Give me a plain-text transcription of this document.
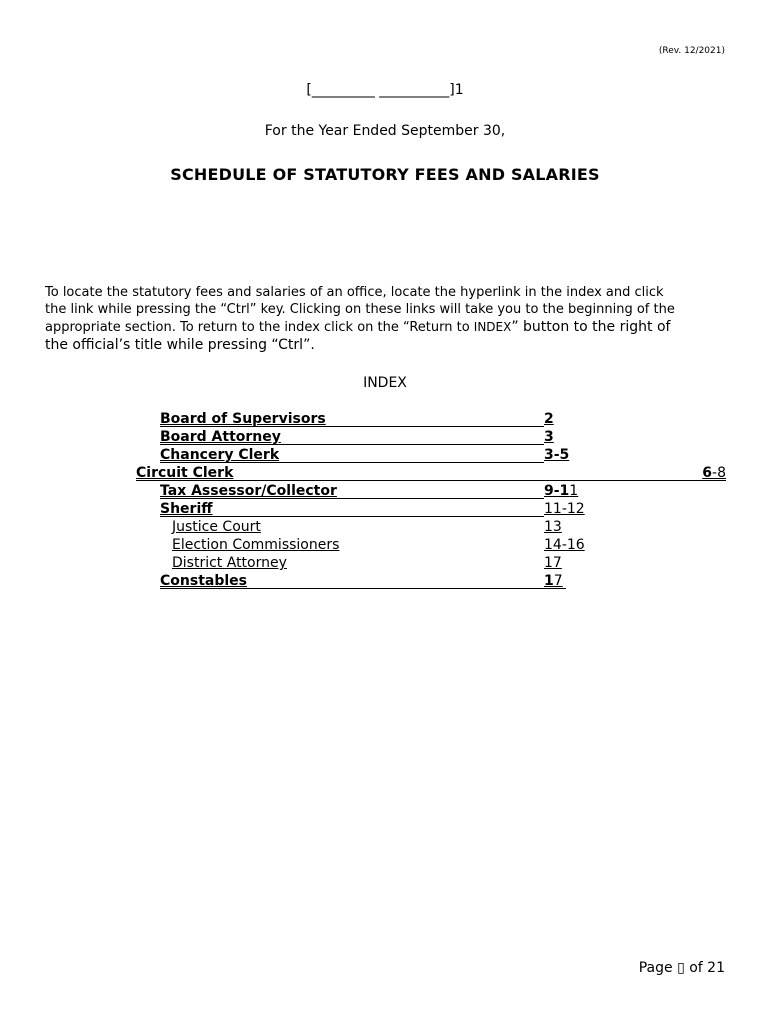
(Rev. 12/2021)
[_________ __________]1
For the Year Ended September 30,
SCHEDULE OF STATUTORY FEES AND SALARIES
To locate the statutory fees and salaries of an office, locate the hyperlink in the index and click
the link while pressing the “Ctrl” key. Clicking on these links will take you to the beginning of the
appropriate section. To return to the index click on the “Return to INDEX” button to the right of
the official’s title while pressing “Ctrl”.
INDEX
Board of Supervisors	2
Board Attorney	3
Chancery Clerk	3-5
Circuit Clerk	6-8
Tax Assessor/Collector	9-11
Sheriff	11-12
Justice Court	13
Election Commissioners	14-16
District Attorney	17
Constables	17
Page ▯ of 21
